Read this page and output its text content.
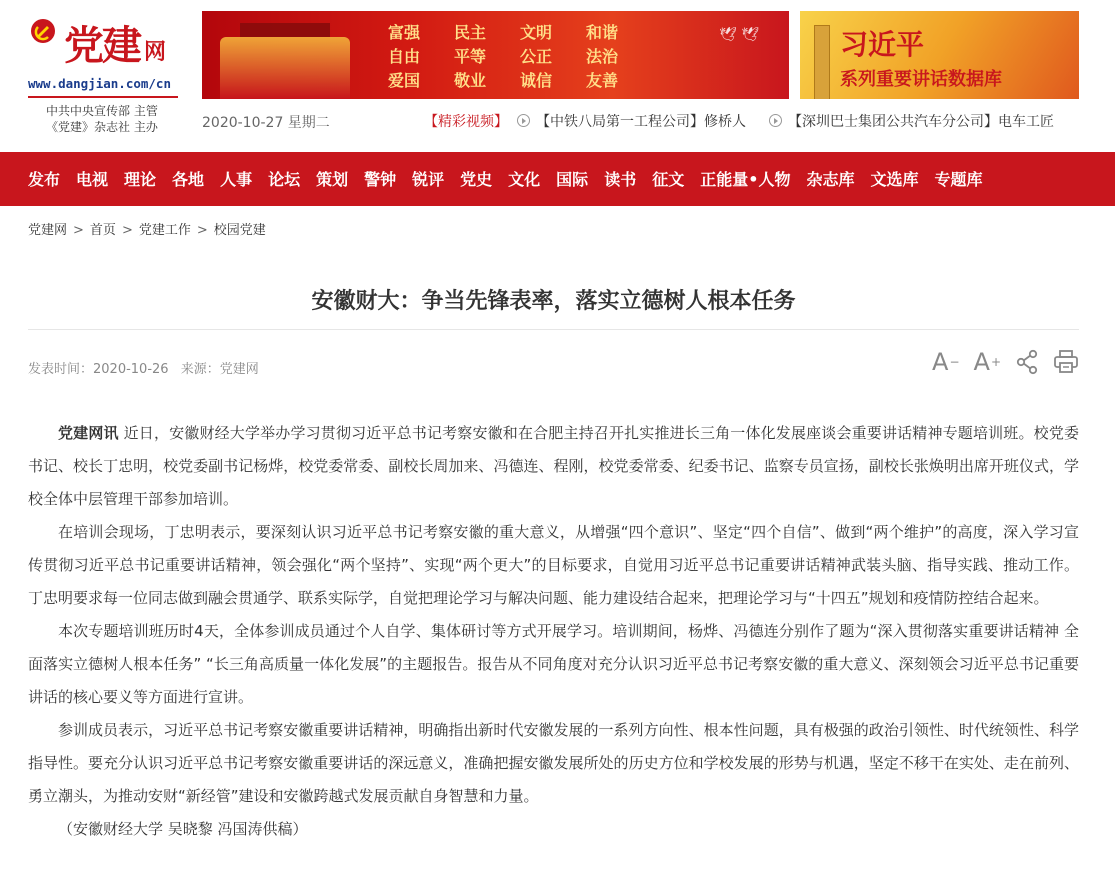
党建 网
www.dangjian.com/cn
中共中央宣传部 主管
《党建》杂志社 主办
富强 民主 文明 和谐
自由 平等 公正 法治
爱国 敬业 诚信 友善
🕊 🕊	习近平
系列重要讲话数据库
2020-10-27 星期二	【精彩视频】	【中铁八局第一工程公司】修桥人	【深圳巴士集团公共汽车分公司】电车工匠
发布 电视 理论 各地 人事 论坛 策划 警钟 锐评 党史 文化 国际 读书 征文 正能量•人物 杂志库 文选库 专题库
党建网 > 首页 > 党建工作 > 校园党建
安徽财大：争当先锋表率，落实立德树人根本任务
发表时间：2020-10-26 来源：党建网	A − A +

党建网讯 近日，安徽财经大学举办学习贯彻习近平总书记考察安徽和在合肥主持召开扎实推进长三角一体化发展座谈会重要讲话精神专题培训班。校党委书记、校长丁忠明，校党委副书记杨烨，校党委常委、副校长周加来、冯德连、程刚，校党委常委、纪委书记、监察专员宣扬，副校长张焕明出席开班仪式，学校全体中层管理干部参加培训。

在培训会现场，丁忠明表示，要深刻认识习近平总书记考察安徽的重大意义，从增强“四个意识”、坚定“四个自信”、做到“两个维护”的高度，深入学习宣传贯彻习近平总书记重要讲话精神，领会强化“两个坚持”、实现“两个更大”的目标要求，自觉用习近平总书记重要讲话精神武装头脑、指导实践、推动工作。丁忠明要求每一位同志做到融会贯通学、联系实际学，自觉把理论学习与解决问题、能力建设结合起来，把理论学习与“十四五”规划和疫情防控结合起来。

本次专题培训班历时4天，全体参训成员通过个人自学、集体研讨等方式开展学习。培训期间，杨烨、冯德连分别作了题为“深入贯彻落实重要讲话精神 全面落实立德树人根本任务” “长三角高质量一体化发展”的主题报告。报告从不同角度对充分认识习近平总书记考察安徽的重大意义、深刻领会习近平总书记重要讲话的核心要义等方面进行宣讲。

参训成员表示，习近平总书记考察安徽重要讲话精神，明确指出新时代安徽发展的一系列方向性、根本性问题，具有极强的政治引领性、时代统领性、科学指导性。要充分认识习近平总书记考察安徽重要讲话的深远意义，准确把握安徽发展所处的历史方位和学校发展的形势与机遇，坚定不移干在实处、走在前列、勇立潮头，为推动安财“新经管”建设和安徽跨越式发展贡献自身智慧和力量。

（安徽财经大学 吴晓黎 冯国涛供稿）
